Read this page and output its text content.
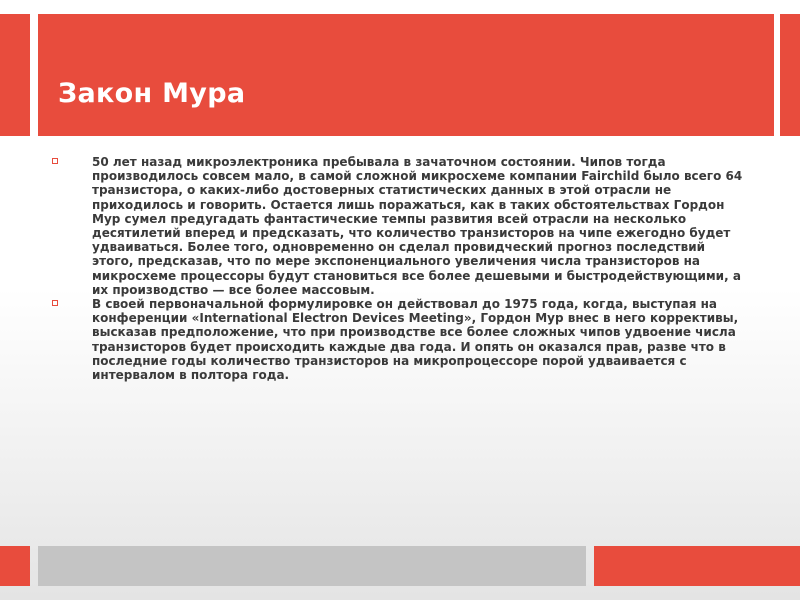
Закон Мура
50 лет назад микроэлектроника пребывала в зачаточном состоянии. Чипов тогда производилось совсем мало, в самой сложной микросхеме компании Fairchild было всего 64 транзистора, о каких-либо достоверных статистических данных в этой отрасли не приходилось и говорить. Остается лишь поражаться, как в таких обстоятельствах Гордон Мур сумел предугадать фантастические темпы развития всей отрасли на несколько десятилетий вперед и предсказать, что количество транзисторов на чипе ежегодно будет удваиваться. Более того, одновременно он сделал провидческий прогноз последствий этого, предсказав, что по мере экспоненциального увеличения числа транзисторов на микросхеме процессоры будут становиться все более дешевыми и быстродействующими, а их производство — все более массовым.
В своей первоначальной формулировке он действовал до 1975 года, когда, выступая на конференции «International Electron Devices Meeting», Гордон Мур внес в него коррективы, высказав предположение, что при производстве все более сложных чипов удвоение числа транзисторов будет происходить каждые два года. И опять он оказался прав, разве что в последние годы количество транзисторов на микропроцессоре порой удваивается с интервалом в полтора года.
